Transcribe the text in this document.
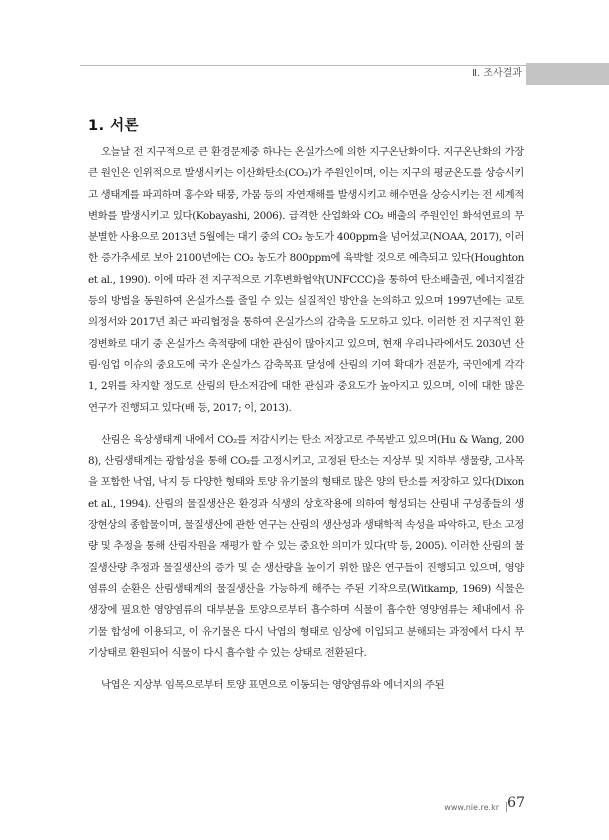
Ⅱ. 조사결과
1. 서론

오늘날 전 지구적으로 큰 환경문제중 하나는 온실가스에 의한 지구온난화이다. 지구온난화의 가장 큰 원인은 인위적으로 발생시키는 이산화탄소(CO₂)가 주원인이며, 이는 지구의 평균온도를 상승시키고 생태계를 파괴하며 홍수와 태풍, 가뭄 등의 자연재해를 발생시키고 해수면을 상승시키는 전 세계적 변화를 발생시키고 있다(Kobayashi, 2006). 급격한 산업화와 CO₂ 배출의 주원인인 화석연료의 무분별한 사용으로 2013년 5월에는 대기 중의 CO₂ 농도가 400ppm을 넘어섰고(NOAA, 2017), 이러한 증가추세로 보아 2100년에는 CO₂ 농도가 800ppm에 육박할 것으로 예측되고 있다(Houghton et al., 1990). 이에 따라 전 지구적으로 기후변화협약(UNFCCC)을 통하여 탄소배출권, 에너지절감 등의 방법을 동원하여 온실가스를 줄일 수 있는 실질적인 방안을 논의하고 있으며 1997년에는 교토의정서와 2017년 최근 파리협정을 통하여 온실가스의 감축을 도모하고 있다. 이러한 전 지구적인 환경변화로 대기 중 온실가스 축적량에 대한 관심이 많아지고 있으며, 현재 우리나라에서도 2030년 산림·임업 이슈의 중요도에 국가 온실가스 감축목표 달성에 산림의 기여 확대가 전문가, 국민에게 각각 1, 2위를 차지할 정도로 산림의 탄소저감에 대한 관심과 중요도가 높아지고 있으며, 이에 대한 많은 연구가 진행되고 있다(배 등, 2017; 이, 2013).

산림은 육상생태계 내에서 CO₂를 저감시키는 탄소 저장고로 주목받고 있으며(Hu & Wang, 2008), 산림생태계는 광합성을 통해 CO₂를 고정시키고, 고정된 탄소는 지상부 및 지하부 생물량, 고사목을 포함한 낙엽, 낙지 등 다양한 형태와 토양 유기물의 형태로 많은 양의 탄소를 저장하고 있다(Dixon et al., 1994). 산림의 물질생산은 환경과 식생의 상호작용에 의하여 형성되는 산림내 구성종들의 생장현상의 종합물이며, 물질생산에 관한 연구는 산림의 생산성과 생태학적 속성을 파악하고, 탄소 고정량 및 추정을 통해 산림자원을 재평가 할 수 있는 중요한 의미가 있다(박 등, 2005). 이러한 산림의 물질생산량 추정과 물질생산의 증가 및 순 생산량을 높이기 위한 많은 연구들이 진행되고 있으며, 영양염류의 순환은 산림생태계의 물질생산을 가능하게 해주는 주된 기작으로(Witkamp, 1969) 식물은 생장에 필요한 영양염류의 대부분을 토양으로부터 흡수하며 식물이 흡수한 영양염류는 체내에서 유기물 합성에 이용되고, 이 유기물은 다시 낙엽의 형태로 임상에 이입되고 분해되는 과정에서 다시 무기상태로 환원되어 식물이 다시 흡수할 수 있는 상태로 전환된다.

낙엽은 지상부 임목으로부터 토양 표면으로 이동되는 영양염류와 에너지의 주된

www.nie.re.kr 67
